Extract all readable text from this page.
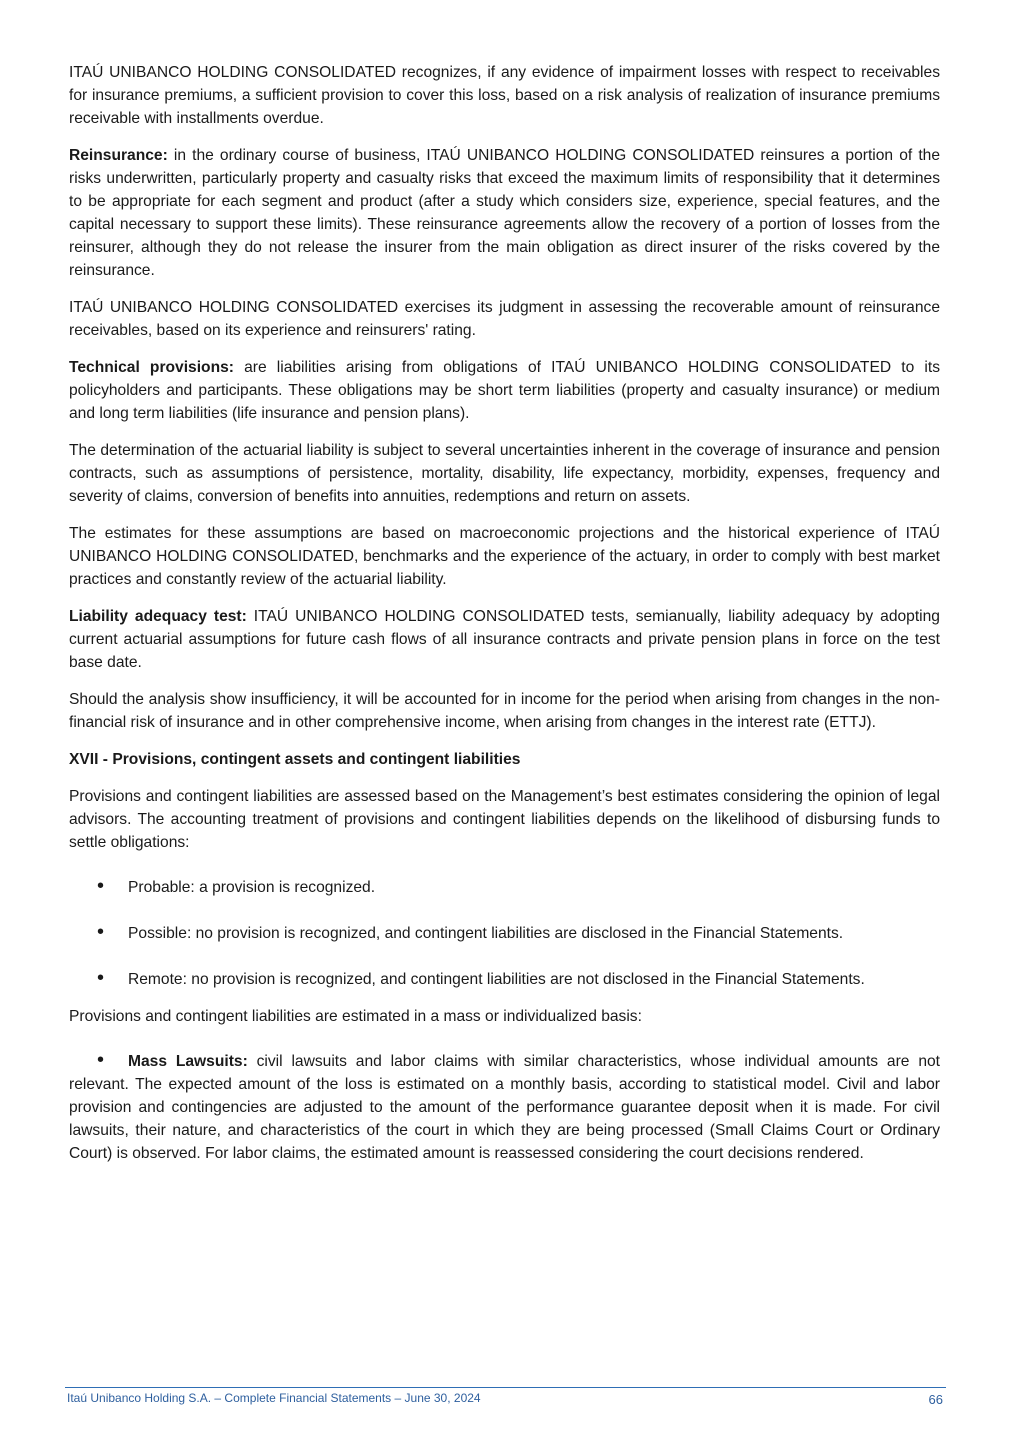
ITAÚ UNIBANCO HOLDING CONSOLIDATED recognizes, if any evidence of impairment losses with respect to receivables for insurance premiums, a sufficient provision to cover this loss, based on a risk analysis of realization of insurance premiums receivable with installments overdue.

Reinsurance: in the ordinary course of business, ITAÚ UNIBANCO HOLDING CONSOLIDATED reinsures a portion of the risks underwritten, particularly property and casualty risks that exceed the maximum limits of responsibility that it determines to be appropriate for each segment and product (after a study which considers size, experience, special features, and the capital necessary to support these limits). These reinsurance agreements allow the recovery of a portion of losses from the reinsurer, although they do not release the insurer from the main obligation as direct insurer of the risks covered by the reinsurance.

ITAÚ UNIBANCO HOLDING CONSOLIDATED exercises its judgment in assessing the recoverable amount of reinsurance receivables, based on its experience and reinsurers' rating.

Technical provisions: are liabilities arising from obligations of ITAÚ UNIBANCO HOLDING CONSOLIDATED to its policyholders and participants. These obligations may be short term liabilities (property and casualty insurance) or medium and long term liabilities (life insurance and pension plans).

The determination of the actuarial liability is subject to several uncertainties inherent in the coverage of insurance and pension contracts, such as assumptions of persistence, mortality, disability, life expectancy, morbidity, expenses, frequency and severity of claims, conversion of benefits into annuities, redemptions and return on assets.

The estimates for these assumptions are based on macroeconomic projections and the historical experience of ITAÚ UNIBANCO HOLDING CONSOLIDATED, benchmarks and the experience of the actuary, in order to comply with best market practices and constantly review of the actuarial liability.

Liability adequacy test: ITAÚ UNIBANCO HOLDING CONSOLIDATED tests, semianually, liability adequacy by adopting current actuarial assumptions for future cash flows of all insurance contracts and private pension plans in force on the test base date.

Should the analysis show insufficiency, it will be accounted for in income for the period when arising from changes in the non-financial risk of insurance and in other comprehensive income, when arising from changes in the interest rate (ETTJ).

XVII - Provisions, contingent assets and contingent liabilities

Provisions and contingent liabilities are assessed based on the Management’s best estimates considering the opinion of legal advisors. The accounting treatment of provisions and contingent liabilities depends on the likelihood of disbursing funds to settle obligations:

• Probable: a provision is recognized.
• Possible: no provision is recognized, and contingent liabilities are disclosed in the Financial Statements.
• Remote: no provision is recognized, and contingent liabilities are not disclosed in the Financial Statements.

Provisions and contingent liabilities are estimated in a mass or individualized basis:

• Mass Lawsuits: civil lawsuits and labor claims with similar characteristics, whose individual amounts are not relevant. The expected amount of the loss is estimated on a monthly basis, according to statistical model. Civil and labor provision and contingencies are adjusted to the amount of the performance guarantee deposit when it is made. For civil lawsuits, their nature, and characteristics of the court in which they are being processed (Small Claims Court or Ordinary Court) is observed. For labor claims, the estimated amount is reassessed considering the court decisions rendered.
Itaú Unibanco Holding S.A. – Complete Financial Statements – June 30, 2024	66
